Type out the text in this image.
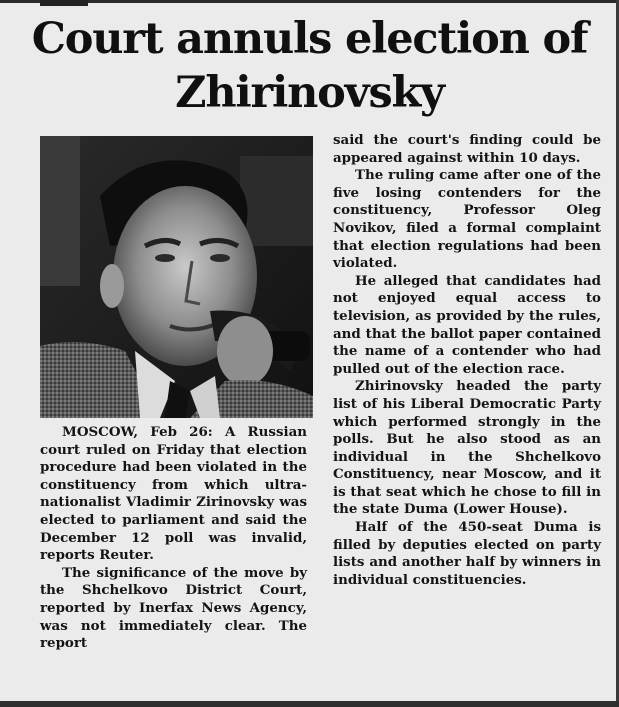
Court annuls election of Zhirinovsky

MOSCOW, Feb 26: A Russian court ruled on Friday that election procedure had been violated in the constituency from which ultra-nationalist Vladimir Zirinovsky was elected to parliament and said the December 12 poll was invalid, reports Reuter.

The significance of the move by the Shchelkovo District Court, reported by Inerfax News Agency, was not immediately clear. The report

said the court's finding could be appeared against within 10 days.

The ruling came after one of the five losing contenders for the constituency, Professor Oleg Novikov, filed a formal complaint that election regulations had been violated.

He alleged that candidates had not enjoyed equal access to television, as provided by the rules, and that the ballot paper contained the name of a contender who had pulled out of the election race.

Zhirinovsky headed the party list of his Liberal Democratic Party which performed strongly in the polls. But he also stood as an individual in the Shchelkovo Constituency, near Moscow, and it is that seat which he chose to fill in the state Duma (Lower House).

Half of the 450-seat Duma is filled by deputies elected on party lists and another half by winners in individual constituencies.
